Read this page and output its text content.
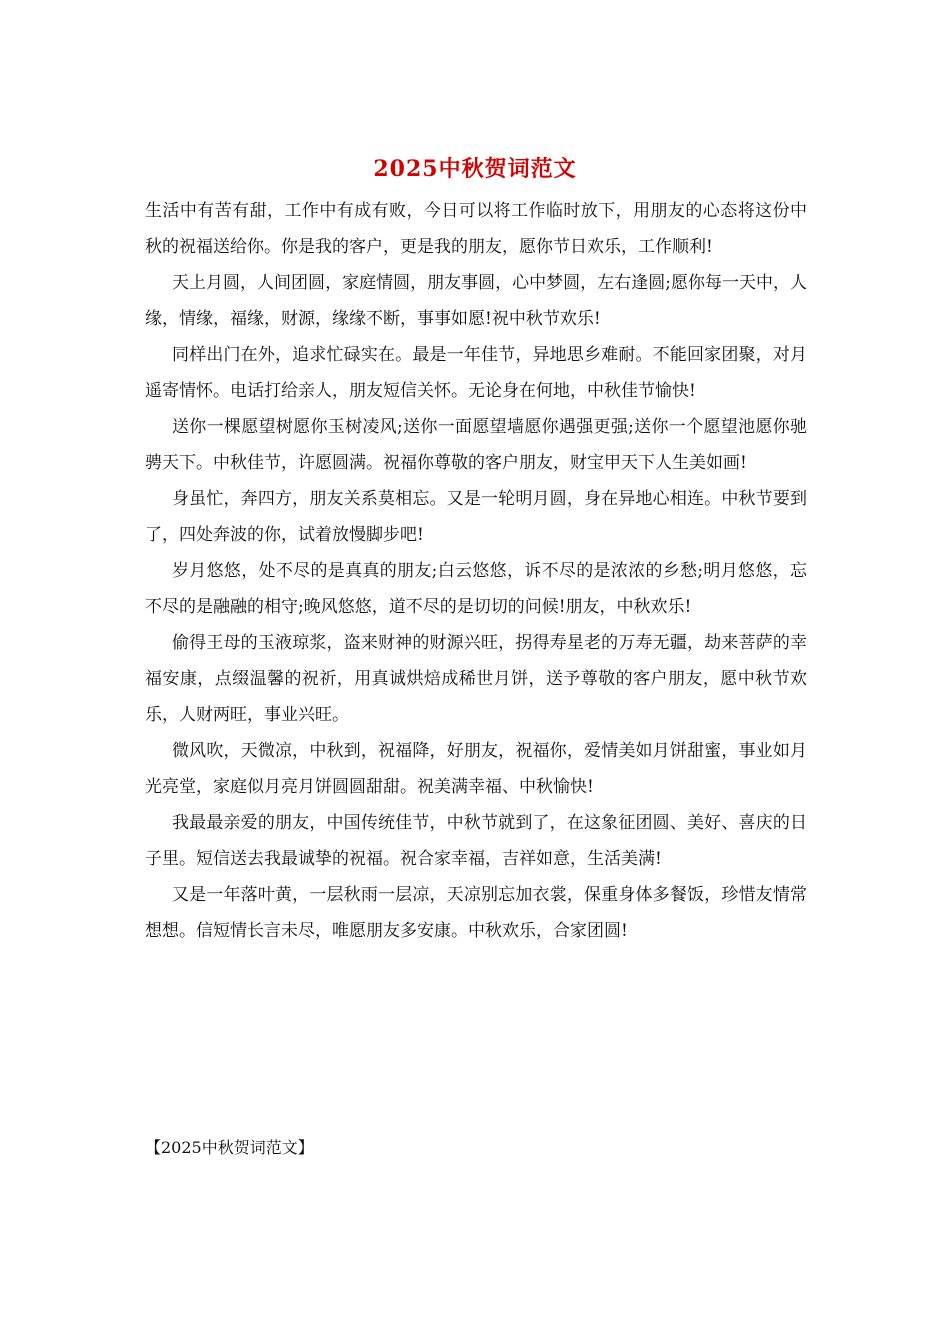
2025中秋贺词范文

生活中有苦有甜，工作中有成有败，今日可以将工作临时放下，用朋友的心态将这份中秋的祝福送给你。你是我的客户，更是我的朋友，愿你节日欢乐，工作顺利!

天上月圆，人间团圆，家庭情圆，朋友事圆，心中梦圆，左右逢圆;愿你每一天中，人缘，情缘，福缘，财源，缘缘不断，事事如愿!祝中秋节欢乐!

同样出门在外，追求忙碌实在。最是一年佳节，异地思乡难耐。不能回家团聚，对月遥寄情怀。电话打给亲人，朋友短信关怀。无论身在何地，中秋佳节愉快!

送你一棵愿望树愿你玉树凌风;送你一面愿望墙愿你遇强更强;送你一个愿望池愿你驰骋天下。中秋佳节，许愿圆满。祝福你尊敬的客户朋友，财宝甲天下人生美如画!

身虽忙，奔四方，朋友关系莫相忘。又是一轮明月圆，身在异地心相连。中秋节要到了，四处奔波的你，试着放慢脚步吧!

岁月悠悠，处不尽的是真真的朋友;白云悠悠，诉不尽的是浓浓的乡愁;明月悠悠，忘不尽的是融融的相守;晚风悠悠，道不尽的是切切的问候!朋友，中秋欢乐!

偷得王母的玉液琼浆，盗来财神的财源兴旺，拐得寿星老的万寿无疆，劫来菩萨的幸福安康，点缀温馨的祝祈，用真诚烘焙成稀世月饼，送予尊敬的客户朋友，愿中秋节欢乐，人财两旺，事业兴旺。

微风吹，天微凉，中秋到，祝福降，好朋友，祝福你，爱情美如月饼甜蜜，事业如月光亮堂，家庭似月亮月饼圆圆甜甜。祝美满幸福、中秋愉快!

我最最亲爱的朋友，中国传统佳节，中秋节就到了，在这象征团圆、美好、喜庆的日子里。短信送去我最诚挚的祝福。祝合家幸福，吉祥如意，生活美满!

又是一年落叶黄，一层秋雨一层凉，天凉别忘加衣裳，保重身体多餐饭，珍惜友情常想想。信短情长言未尽，唯愿朋友多安康。中秋欢乐，合家团圆!

【2025中秋贺词范文】
